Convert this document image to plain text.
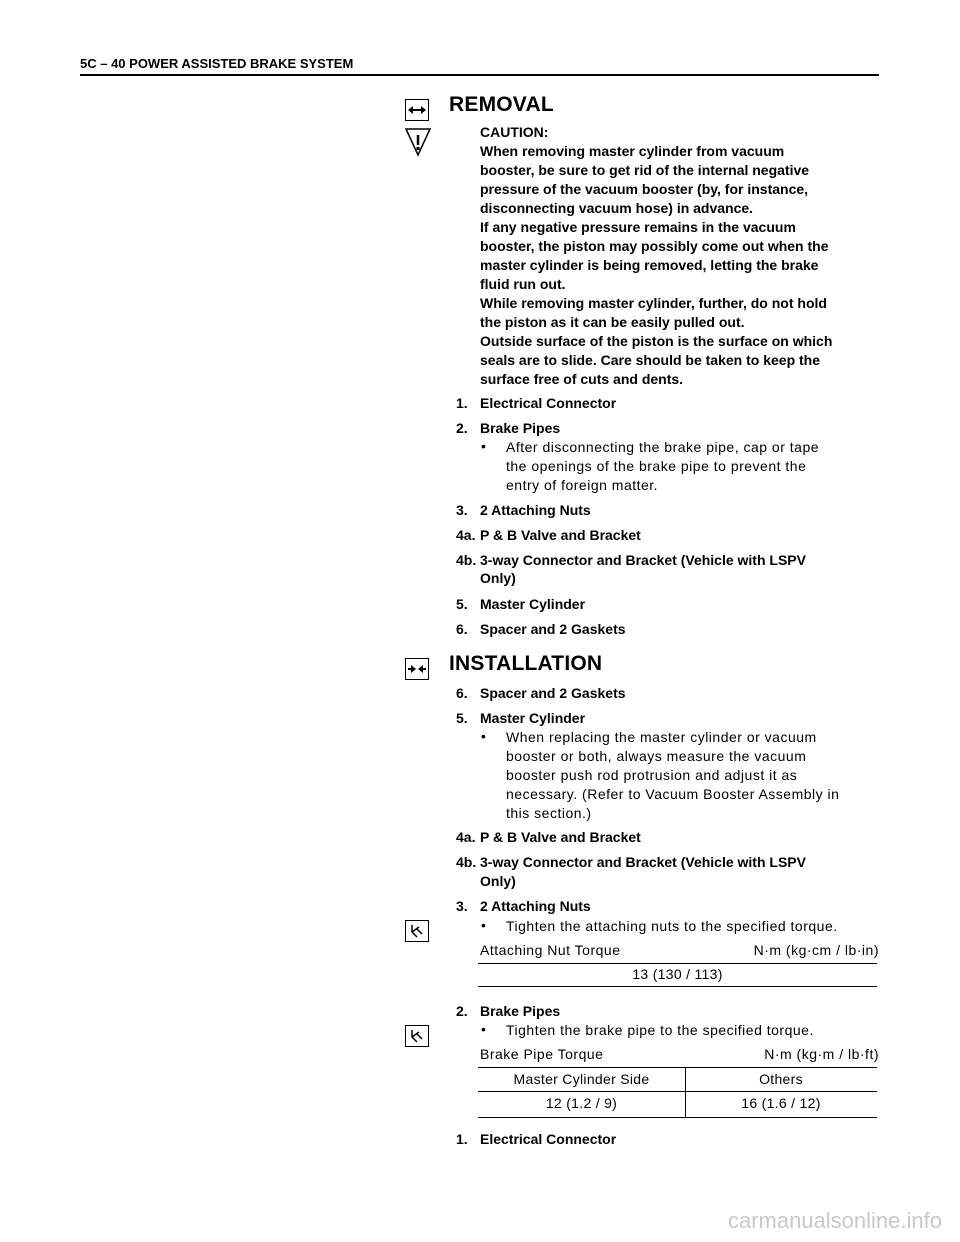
5C – 40 POWER ASSISTED BRAKE SYSTEM
REMOVAL
CAUTION:
When removing master cylinder from vacuum
booster, be sure to get rid of the internal negative
pressure of the vacuum booster (by, for instance,
disconnecting vacuum hose) in advance.
If any negative pressure remains in the vacuum
booster, the piston may possibly come out when the
master cylinder is being removed, letting the brake
fluid run out.
While removing master cylinder, further, do not hold
the piston as it can be easily pulled out.
Outside surface of the piston is the surface on which
seals are to slide. Care should be taken to keep the
surface free of cuts and dents.
1. Electrical Connector
2. Brake Pipes
• After disconnecting the brake pipe, cap or tape
the openings of the brake pipe to prevent the
entry of foreign matter.
3. 2 Attaching Nuts
4a. P & B Valve and Bracket
4b. 3-way Connector and Bracket (Vehicle with LSPV
Only)
5. Master Cylinder
6. Spacer and 2 Gaskets
INSTALLATION
6. Spacer and 2 Gaskets
5. Master Cylinder
• When replacing the master cylinder or vacuum
booster or both, always measure the vacuum
booster push rod protrusion and adjust it as
necessary. (Refer to Vacuum Booster Assembly in
this section.)
4a. P & B Valve and Bracket
4b. 3-way Connector and Bracket (Vehicle with LSPV
Only)
3. 2 Attaching Nuts
• Tighten the attaching nuts to the specified torque.
Attaching Nut Torque	N·m (kg·cm / lb·in)
13 (130 / 113)
2. Brake Pipes
• Tighten the brake pipe to the specified torque.
Brake Pipe Torque	N·m (kg·m / lb·ft)
Master Cylinder Side	Others
12 (1.2 / 9)	16 (1.6 / 12)
1. Electrical Connector
carmanualsonline.info
